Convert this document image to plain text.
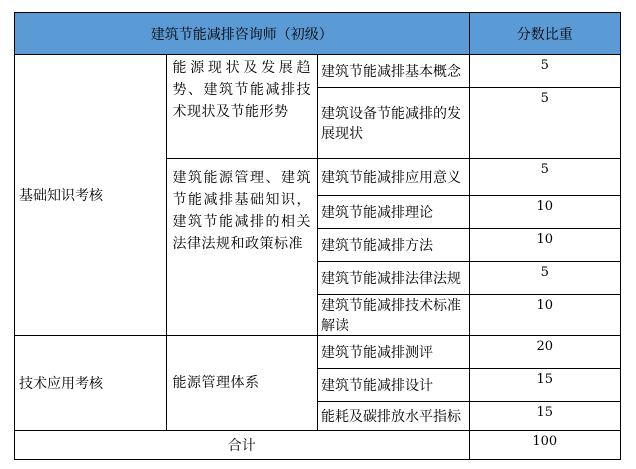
建筑节能减排咨询师（初级）			分数比重
基础知识考核	能源现状及发展趋势、建筑节能减排技术现状及节能形势	建筑节能减排基本概念	5
		建筑设备节能减排的发展现状	5
	建筑能源管理、建筑节能减排基础知识，建筑节能减排的相关法律法规和政策标准	建筑节能减排应用意义	5
		建筑节能减排理论	10
		建筑节能减排方法	10
		建筑节能减排法律法规	5
		建筑节能减排技术标准解读	10
技术应用考核	能源管理体系	建筑节能减排测评	20
		建筑节能减排设计	15
		能耗及碳排放水平指标	15
合计			100
